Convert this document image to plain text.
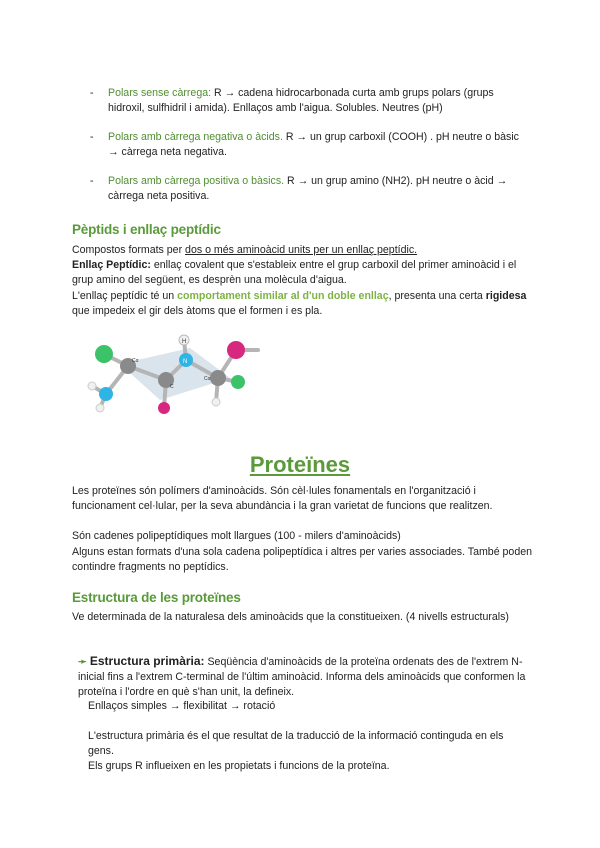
- Polars sense càrrega: R → cadena hidrocarbonada curta amb grups polars (grups hidroxil, sulfhidril i amida). Enllaços amb l'aigua. Solubles. Neutres (pH)
- Polars amb càrrega negativa o àcids. R → un grup carboxil (COOH) . pH neutre o bàsic → càrrega neta negativa.
- Polars amb càrrega positiva o bàsics. R → un grup amino (NH2). pH neutre o àcid → càrrega neta positiva.
Pèptids i enllaç peptídic

Compostos formats per dos o més aminoàcid units per un enllaç peptídic.

Enllaç Peptídic: enllaç covalent que s'estableix entre el grup carboxil del primer aminoàcid i el grup amino del següent, es desprèn una molècula d'aigua.

L'enllaç peptídic té un comportament similar al d'un doble enllaç, presenta una certa rigidesa que impedeix el gir dels àtoms que el formen i es pla.

H
N
C
Cα
Cα
Proteïnes

Les proteïnes són polímers d'aminoàcids. Són cèl·lules fonamentals en l'organització i funcionament cel·lular, per la seva abundància i la gran varietat de funcions que realitzen.

Són cadenes polipeptídiques molt llargues (100 - milers d'aminoàcids)

Alguns estan formats d'una sola cadena polipeptídica i altres per varies associades. També poden contindre fragments no peptídics.

Estructura de les proteïnes

Ve determinada de la naturalesa dels aminoàcids que la constitueixen. (4 nivells estructurals)

➛ Estructura primària: Seqüència d'aminoàcids de la proteïna ordenats des de l'extrem N-inicial fins a l'extrem C-terminal de l'últim aminoàcid. Informa dels aminoàcids que conformen la proteïna i l'ordre en què s'han unit, la defineix.

Enllaços simples → flexibilitat → rotació

L'estructura primària és el que resultat de la traducció de la informació continguda en els gens.

Els grups R influeixen en les propietats i funcions de la proteïna.
